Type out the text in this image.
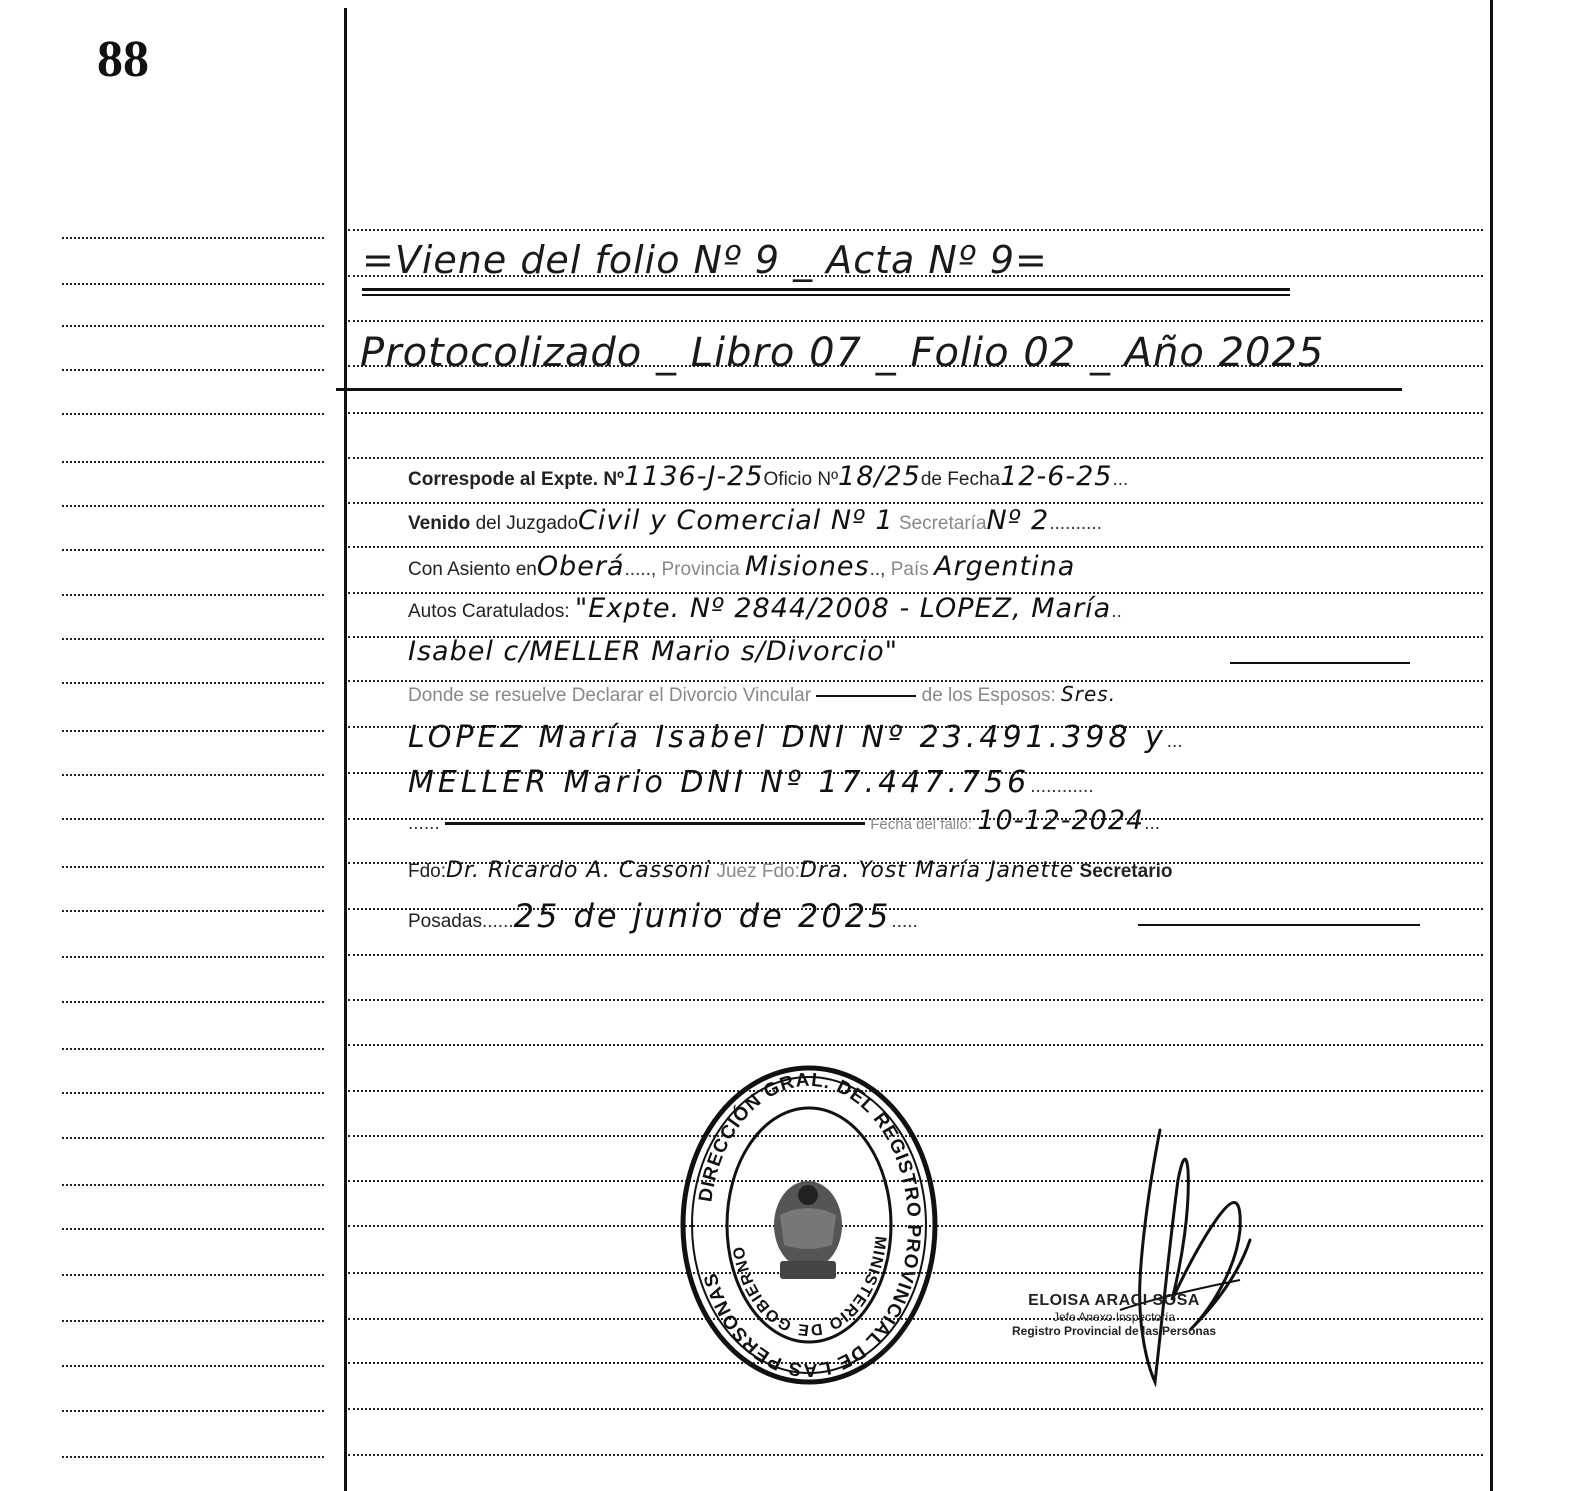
88
=Viene del folio Nº 9 _ Acta Nº 9=
Protocolizado _ Libro 07 _ Folio 02 _ Año 2025
Correspode al Expte. Nº1136-J-25Oficio Nº18/25de Fecha12-6-25...
Venido del JuzgadoCivil y Comercial Nº 1 SecretaríaNº 2..........
Con Asiento enOberá....., Provincia Misiones.., País Argentina
Autos Caratulados: "Expte. Nº 2844/2008 - LOPEZ, María..
Isabel c/MELLER Mario s/Divorcio"
Donde se resuelve Declarar el Divorcio Vincular	de los Esposos: Sres.
LOPEZ María Isabel DNI Nº 23.491.398 y...
MELLER Mario DNI Nº 17.447.756............
......	Fecha del fallo: 10-12-2024...
Fdo:Dr. Ricardo A. Cassoni Juez Fdo:Dra. Yost María Janette Secretario
Posadas......25 de junio de 2025.....
DIRECCIÓN GRAL. DEL REGISTRO PROVINCIAL DE LAS PERSONAS
MINISTERIO DE GOBIERNO
ELOISA ARACI SOSA
Jefe Anexo Inspectoría
Registro Provincial de las Personas
